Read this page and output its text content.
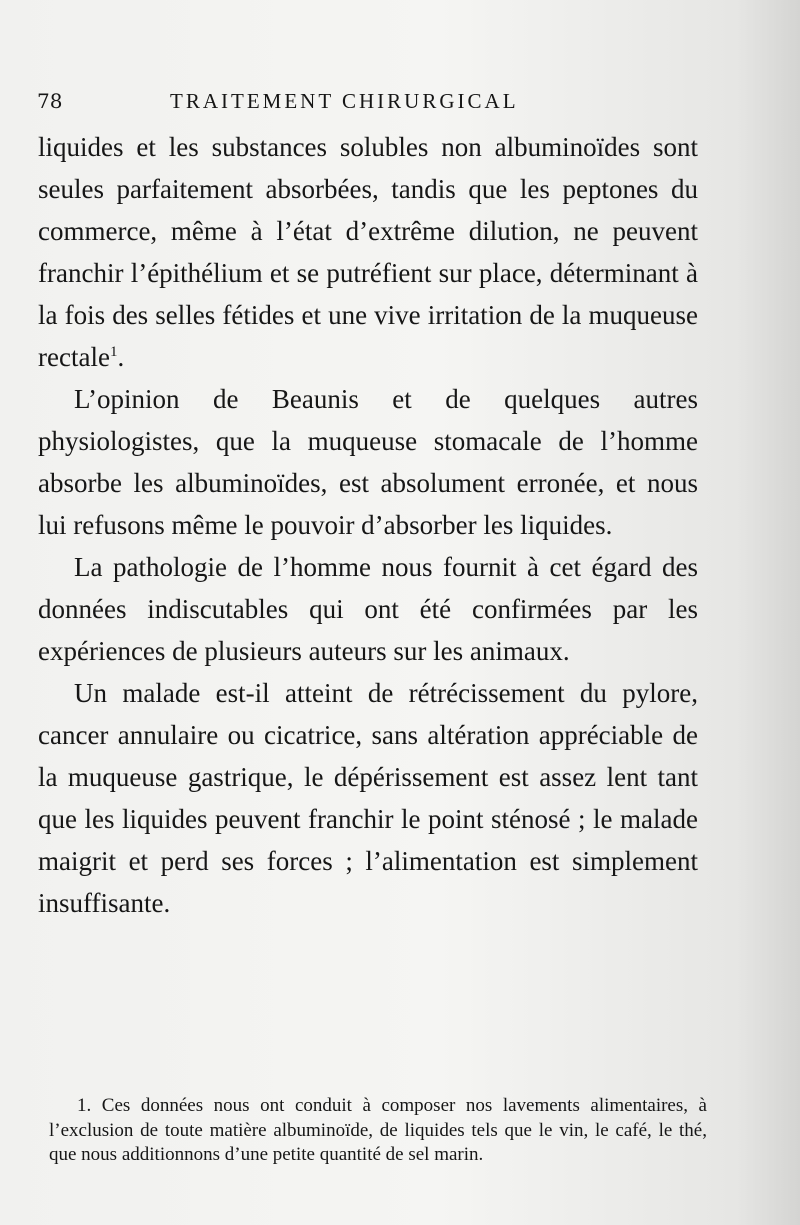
78	TRAITEMENT CHIRURGICAL

liquides et les substances solubles non albuminoïdes sont seules parfaitement absorbées, tandis que les peptones du commerce, même à l’état d’extrême dilution, ne peuvent franchir l’épithélium et se putréfient sur place, déterminant à la fois des selles fétides et une vive irritation de la muqueuse rectale$^1$.

L’opinion de Beaunis et de quelques autres physiologistes, que la muqueuse stomacale de l’homme absorbe les albuminoïdes, est absolument erronée, et nous lui refusons même le pouvoir d’absorber les liquides.

La pathologie de l’homme nous fournit à cet égard des données indiscutables qui ont été confirmées par les expériences de plusieurs auteurs sur les animaux.

Un malade est-il atteint de rétrécissement du pylore, cancer annulaire ou cicatrice, sans altération appréciable de la muqueuse gastrique, le dépérissement est assez lent tant que les liquides peuvent franchir le point sténosé ; le malade maigrit et perd ses forces ; l’alimentation est simplement insuffisante.

1. Ces données nous ont conduit à composer nos lavements alimentaires, à l’exclusion de toute matière albuminoïde, de liquides tels que le vin, le café, le thé, que nous additionnons d’une petite quantité de sel marin.
